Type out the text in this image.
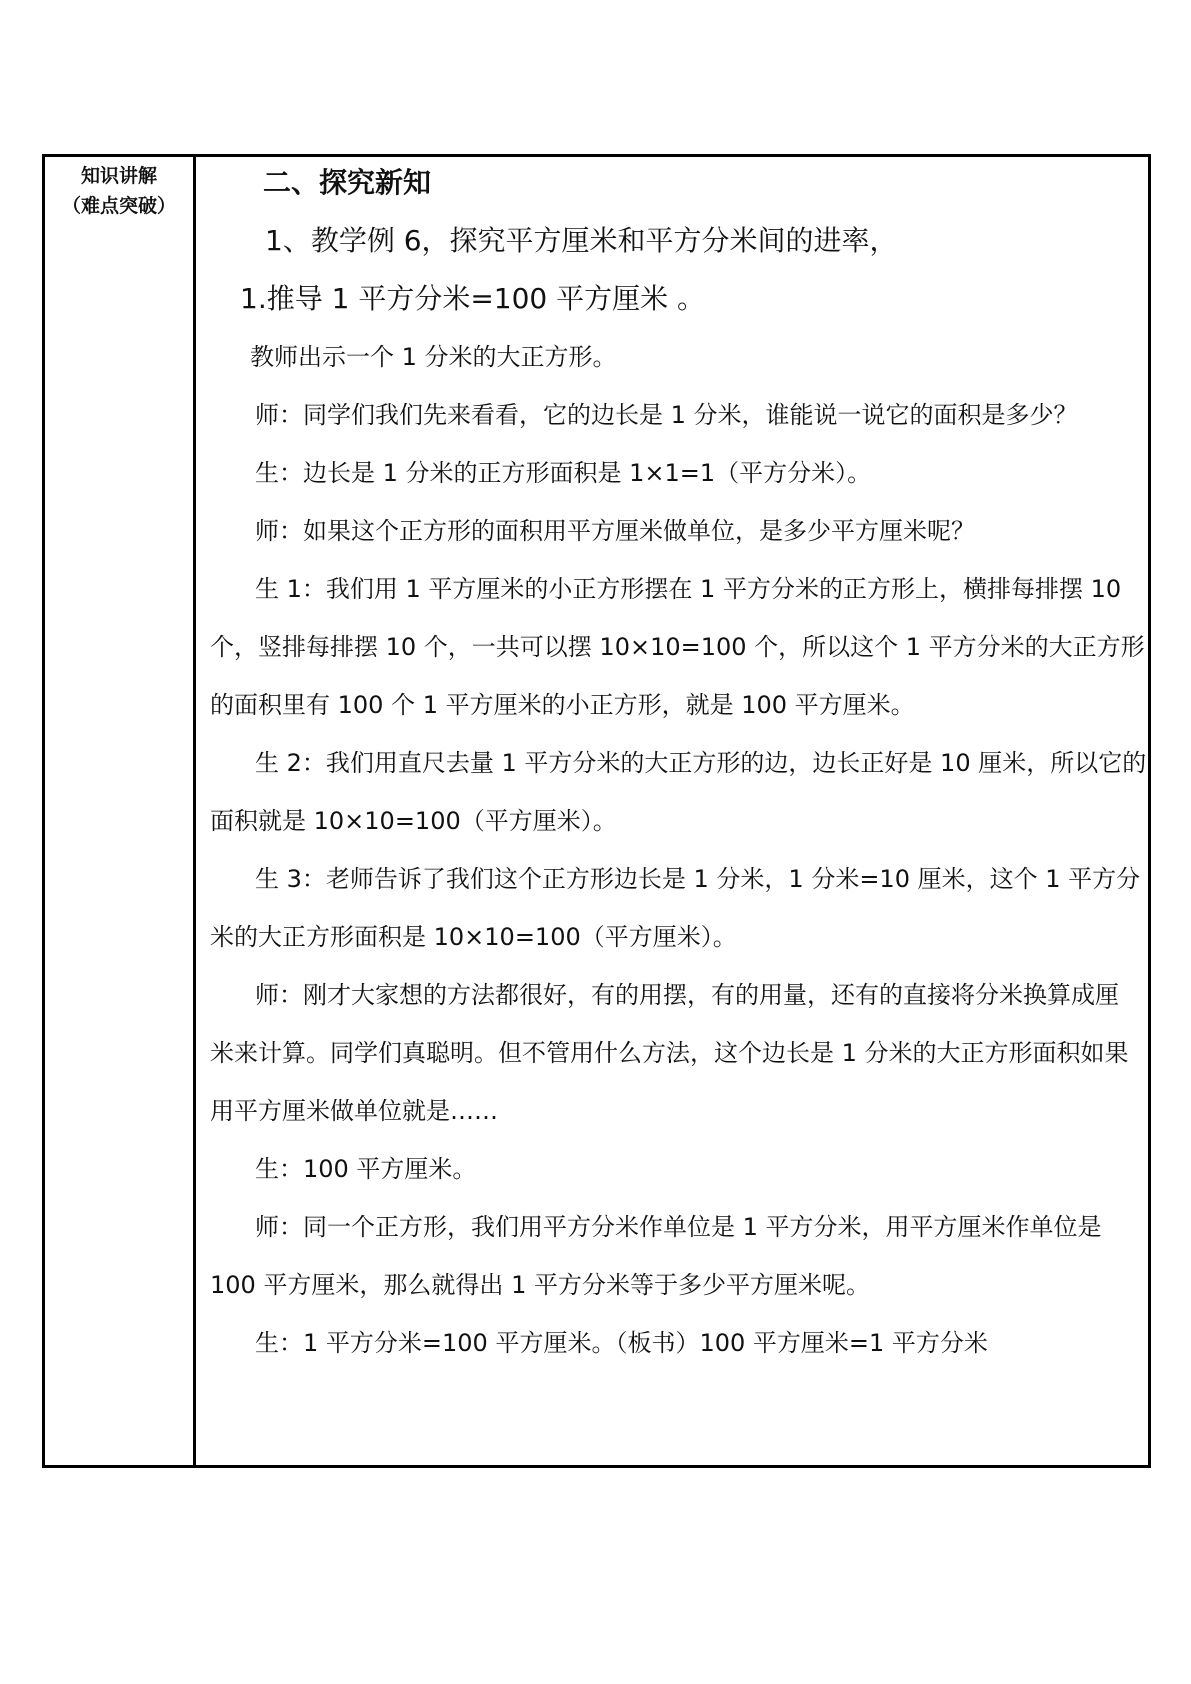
知识讲解
（难点突破）
二、探究新知
1、教学例 6，探究平方厘米和平方分米间的进率，
1.推导 1 平方分米=100 平方厘米 。
教师出示一个 1 分米的大正方形。
师：同学们我们先来看看，它的边长是 1 分米，谁能说一说它的面积是多少？
生：边长是 1 分米的正方形面积是 1×1=1（平方分米）。
师：如果这个正方形的面积用平方厘米做单位，是多少平方厘米呢？
生 1：我们用 1 平方厘米的小正方形摆在 1 平方分米的正方形上，横排每排摆 10
个，竖排每排摆 10 个，一共可以摆 10×10=100 个，所以这个 1 平方分米的大正方形
的面积里有 100 个 1 平方厘米的小正方形，就是 100 平方厘米。
生 2：我们用直尺去量 1 平方分米的大正方形的边，边长正好是 10 厘米，所以它的
面积就是 10×10=100（平方厘米）。
生 3：老师告诉了我们这个正方形边长是 1 分米，1 分米=10 厘米，这个 1 平方分
米的大正方形面积是 10×10=100（平方厘米）。
师：刚才大家想的方法都很好，有的用摆，有的用量，还有的直接将分米换算成厘
米来计算。同学们真聪明。但不管用什么方法，这个边长是 1 分米的大正方形面积如果
用平方厘米做单位就是……
生：100 平方厘米。
师：同一个正方形，我们用平方分米作单位是 1 平方分米，用平方厘米作单位是
100 平方厘米，那么就得出 1 平方分米等于多少平方厘米呢。
生：1 平方分米=100 平方厘米。（板书）100 平方厘米=1 平方分米
